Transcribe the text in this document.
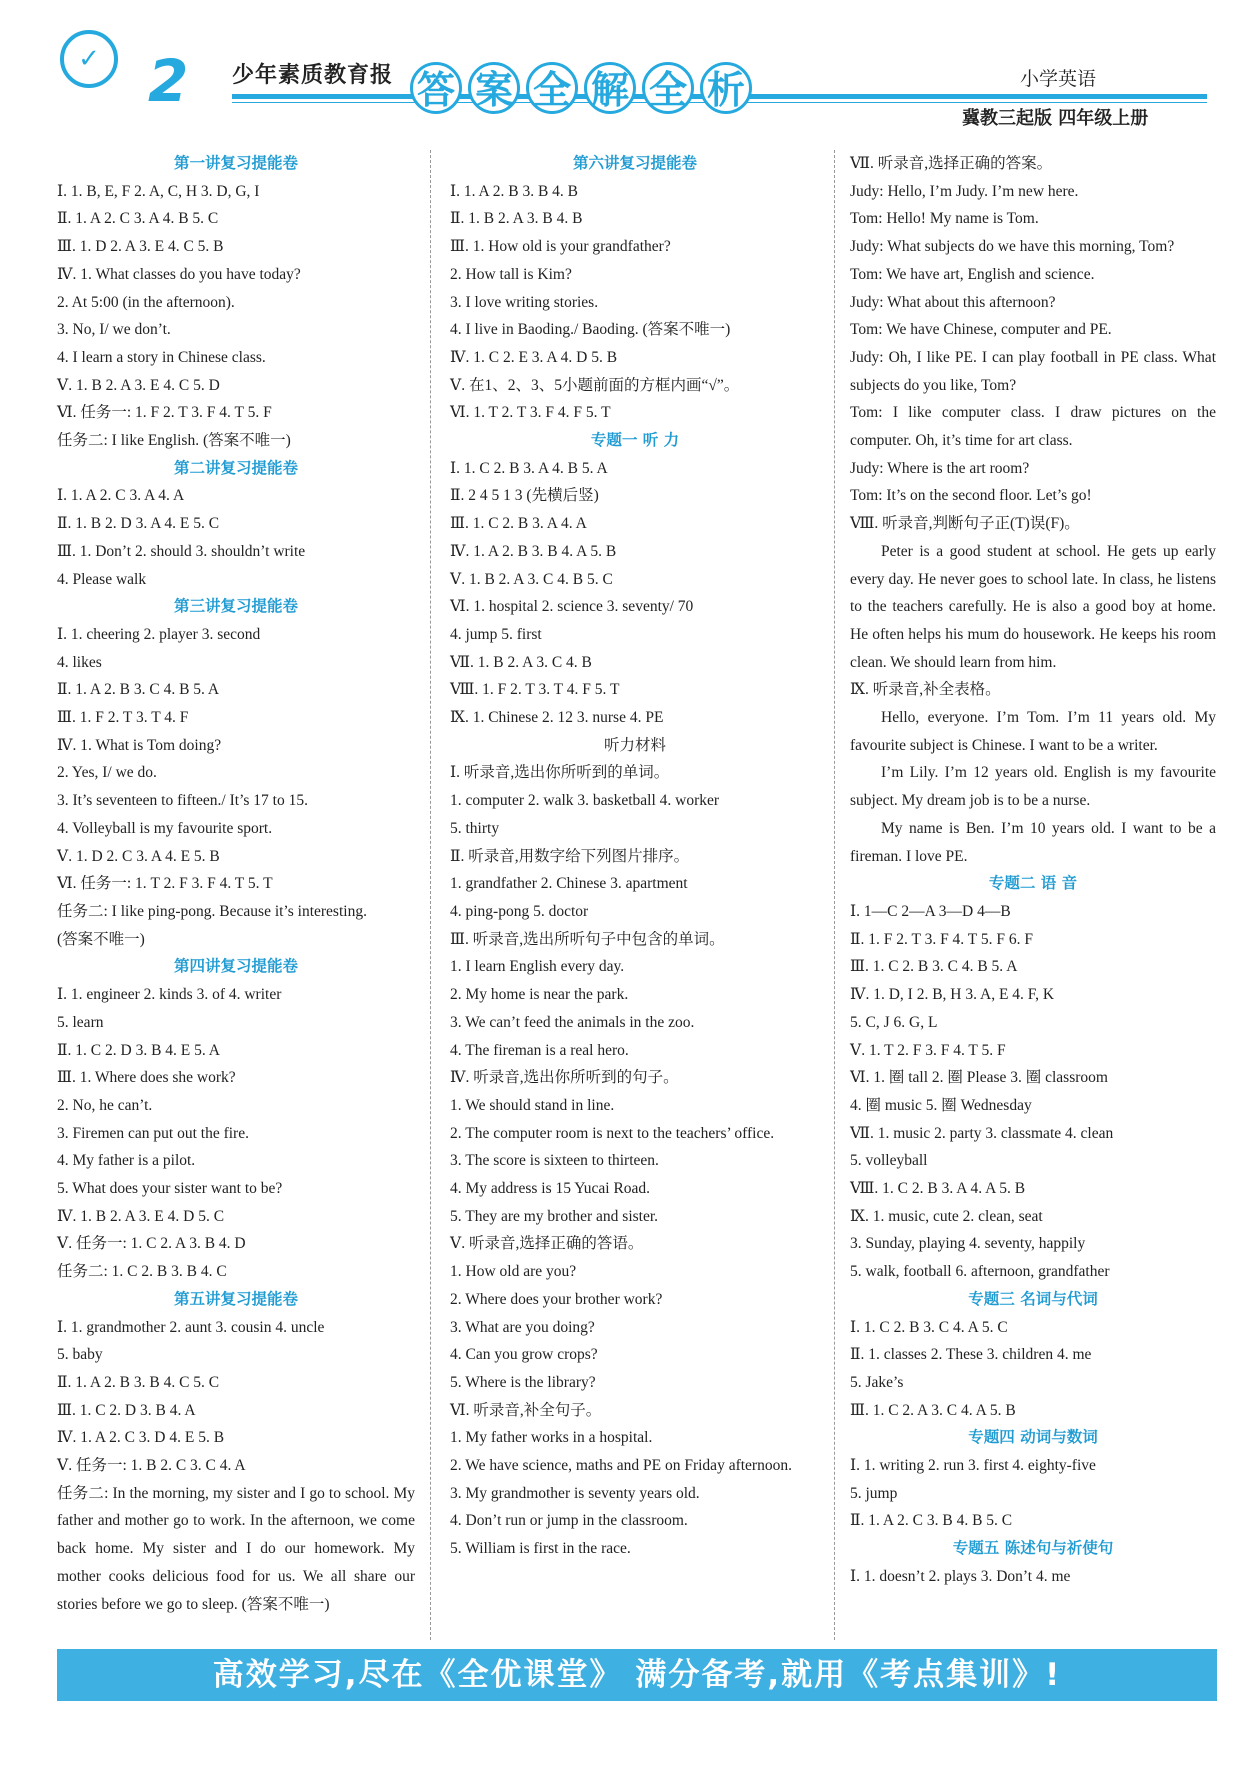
✓ 2 少年素质教育报 答 案 全 解 全 析	小学英语
冀教三起版 四年级上册
第一讲复习提能卷
Ⅰ. 1. B, E, F 2. A, C, H 3. D, G, I
Ⅱ. 1. A 2. C 3. A 4. B 5. C
Ⅲ. 1. D 2. A 3. E 4. C 5. B
Ⅳ. 1. What classes do you have today?
2. At 5:00 (in the afternoon).
3. No, I/ we don’t.
4. I learn a story in Chinese class.
Ⅴ. 1. B 2. A 3. E 4. C 5. D
Ⅵ. 任务一: 1. F 2. T 3. F 4. T 5. F
任务二: I like English. (答案不唯一)
第二讲复习提能卷
Ⅰ. 1. A 2. C 3. A 4. A
Ⅱ. 1. B 2. D 3. A 4. E 5. C
Ⅲ. 1. Don’t 2. should 3. shouldn’t write
4. Please walk
第三讲复习提能卷
Ⅰ. 1. cheering 2. player 3. second
4. likes
Ⅱ. 1. A 2. B 3. C 4. B 5. A
Ⅲ. 1. F 2. T 3. T 4. F
Ⅳ. 1. What is Tom doing?
2. Yes, I/ we do.
3. It’s seventeen to fifteen./ It’s 17 to 15.
4. Volleyball is my favourite sport.
Ⅴ. 1. D 2. C 3. A 4. E 5. B
Ⅵ. 任务一: 1. T 2. F 3. F 4. T 5. T
任务二: I like ping-pong. Because it’s interesting.
(答案不唯一)
第四讲复习提能卷
Ⅰ. 1. engineer 2. kinds 3. of 4. writer
5. learn
Ⅱ. 1. C 2. D 3. B 4. E 5. A
Ⅲ. 1. Where does she work?
2. No, he can’t.
3. Firemen can put out the fire.
4. My father is a pilot.
5. What does your sister want to be?
Ⅳ. 1. B 2. A 3. E 4. D 5. C
Ⅴ. 任务一: 1. C 2. A 3. B 4. D
任务二: 1. C 2. B 3. B 4. C
第五讲复习提能卷
Ⅰ. 1. grandmother 2. aunt 3. cousin 4. uncle
5. baby
Ⅱ. 1. A 2. B 3. B 4. C 5. C
Ⅲ. 1. C 2. D 3. B 4. A
Ⅳ. 1. A 2. C 3. D 4. E 5. B
Ⅴ. 任务一: 1. B 2. C 3. C 4. A
任务二: In the morning, my sister and I go to school. My father and mother go to work. In the afternoon, we come back home. My sister and I do our homework. My mother cooks delicious food for us. We all share our stories before we go to sleep. (答案不唯一)
第六讲复习提能卷
Ⅰ. 1. A 2. B 3. B 4. B
Ⅱ. 1. B 2. A 3. B 4. B
Ⅲ. 1. How old is your grandfather?
2. How tall is Kim?
3. I love writing stories.
4. I live in Baoding./ Baoding. (答案不唯一)
Ⅳ. 1. C 2. E 3. A 4. D 5. B
Ⅴ. 在1、2、3、5小题前面的方框内画“√”。
Ⅵ. 1. T 2. T 3. F 4. F 5. T
专题一 听 力
Ⅰ. 1. C 2. B 3. A 4. B 5. A
Ⅱ. 2 4 5 1 3 (先横后竖)
Ⅲ. 1. C 2. B 3. A 4. A
Ⅳ. 1. A 2. B 3. B 4. A 5. B
Ⅴ. 1. B 2. A 3. C 4. B 5. C
Ⅵ. 1. hospital 2. science 3. seventy/ 70
4. jump 5. first
Ⅶ. 1. B 2. A 3. C 4. B
Ⅷ. 1. F 2. T 3. T 4. F 5. T
Ⅸ. 1. Chinese 2. 12 3. nurse 4. PE
听力材料
Ⅰ. 听录音,选出你所听到的单词。
1. computer 2. walk 3. basketball 4. worker
5. thirty
Ⅱ. 听录音,用数字给下列图片排序。
1. grandfather 2. Chinese 3. apartment
4. ping-pong 5. doctor
Ⅲ. 听录音,选出所听句子中包含的单词。
1. I learn English every day.
2. My home is near the park.
3. We can’t feed the animals in the zoo.
4. The fireman is a real hero.
Ⅳ. 听录音,选出你所听到的句子。
1. We should stand in line.
2. The computer room is next to the teachers’ office.
3. The score is sixteen to thirteen.
4. My address is 15 Yucai Road.
5. They are my brother and sister.
Ⅴ. 听录音,选择正确的答语。
1. How old are you?
2. Where does your brother work?
3. What are you doing?
4. Can you grow crops?
5. Where is the library?
Ⅵ. 听录音,补全句子。
1. My father works in a hospital.
2. We have science, maths and PE on Friday afternoon.
3. My grandmother is seventy years old.
4. Don’t run or jump in the classroom.
5. William is first in the race.
Ⅶ. 听录音,选择正确的答案。
Judy: Hello, I’m Judy. I’m new here.
Tom: Hello! My name is Tom.
Judy: What subjects do we have this morning, Tom?
Tom: We have art, English and science.
Judy: What about this afternoon?
Tom: We have Chinese, computer and PE.
Judy: Oh, I like PE. I can play football in PE class. What subjects do you like, Tom?
Tom: I like computer class. I draw pictures on the computer. Oh, it’s time for art class.
Judy: Where is the art room?
Tom: It’s on the second floor. Let’s go!
Ⅷ. 听录音,判断句子正(T)误(F)。
Peter is a good student at school. He gets up early every day. He never goes to school late. In class, he listens to the teachers carefully. He is also a good boy at home. He often helps his mum do housework. He keeps his room clean. We should learn from him.
Ⅸ. 听录音,补全表格。
Hello, everyone. I’m Tom. I’m 11 years old. My favourite subject is Chinese. I want to be a writer.
I’m Lily. I’m 12 years old. English is my favourite subject. My dream job is to be a nurse.
My name is Ben. I’m 10 years old. I want to be a fireman. I love PE.
专题二 语 音
Ⅰ. 1—C 2—A 3—D 4—B
Ⅱ. 1. F 2. T 3. F 4. T 5. F 6. F
Ⅲ. 1. C 2. B 3. C 4. B 5. A
Ⅳ. 1. D, I 2. B, H 3. A, E 4. F, K
5. C, J 6. G, L
Ⅴ. 1. T 2. F 3. F 4. T 5. F
Ⅵ. 1. 圈 tall 2. 圈 Please 3. 圈 classroom
4. 圈 music 5. 圈 Wednesday
Ⅶ. 1. music 2. party 3. classmate 4. clean
5. volleyball
Ⅷ. 1. C 2. B 3. A 4. A 5. B
Ⅸ. 1. music, cute 2. clean, seat
3. Sunday, playing 4. seventy, happily
5. walk, football 6. afternoon, grandfather
专题三 名词与代词
Ⅰ. 1. C 2. B 3. C 4. A 5. C
Ⅱ. 1. classes 2. These 3. children 4. me
5. Jake’s
Ⅲ. 1. C 2. A 3. C 4. A 5. B
专题四 动词与数词
Ⅰ. 1. writing 2. run 3. first 4. eighty-five
5. jump
Ⅱ. 1. A 2. C 3. B 4. B 5. C
专题五 陈述句与祈使句
Ⅰ. 1. doesn’t 2. plays 3. Don’t 4. me
高效学习,尽在《全优课堂》 满分备考,就用《考点集训》!
